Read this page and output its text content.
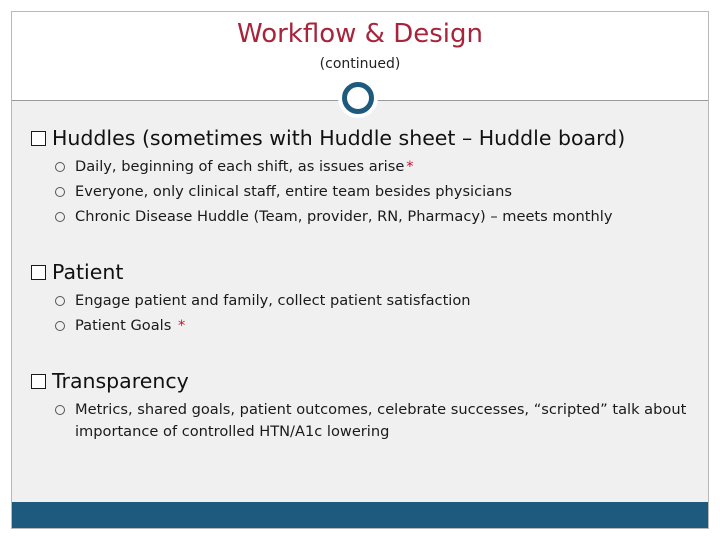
Workflow & Design
(continued)
Huddles (sometimes with Huddle sheet – Huddle board)
Daily, beginning of each shift, as issues arise *
Everyone, only clinical staff, entire team besides physicians
Chronic Disease Huddle (Team, provider, RN, Pharmacy) – meets monthly
Patient
Engage patient and family, collect patient satisfaction
Patient Goals *
Transparency
Metrics, shared goals, patient outcomes, celebrate successes, “scripted” talk about importance of controlled HTN/A1c lowering
